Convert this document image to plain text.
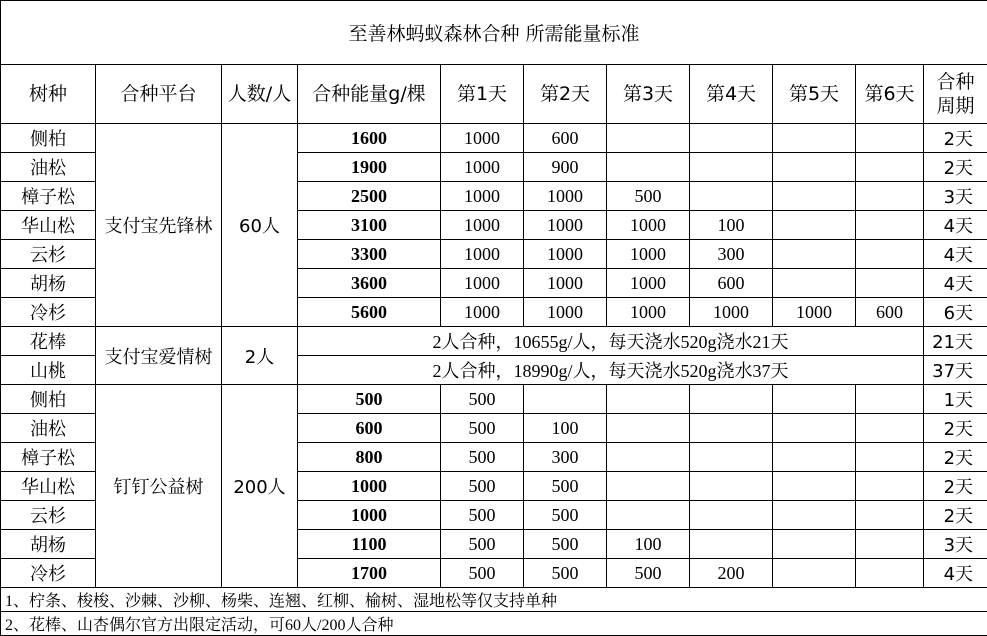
至善林蚂蚁森林合种 所需能量标准										
树种	合种平台	人数/人	合种能量g/棵	第1天	第2天	第3天	第4天	第5天	第6天	合种周期
侧柏	支付宝先锋林	60人	1600	1000	600					2天
油松			1900	1000	900					2天
樟子松			2500	1000	1000	500				3天
华山松			3100	1000	1000	1000	100			4天
云杉			3300	1000	1000	1000	300			4天
胡杨			3600	1000	1000	1000	600			4天
冷杉			5600	1000	1000	1000	1000	1000	600	6天
花棒	支付宝爱情树	2人	2人合种，10655g/人，每天浇水520g浇水21天							21天
山桃			2人合种，18990g/人，每天浇水520g浇水37天							37天
侧柏	钉钉公益树	200人	500	500						1天
油松			600	500	100					2天
樟子松			800	500	300					2天
华山松			1000	500	500					2天
云杉			1000	500	500					2天
胡杨			1100	500	500	100				3天
冷杉			1700	500	500	500	200			4天
1、柠条、梭梭、沙棘、沙柳、杨柴、连翘、红柳、榆树、湿地松等仅支持单种										
2、花棒、山杏偶尔官方出限定活动，可60人/200人合种										
